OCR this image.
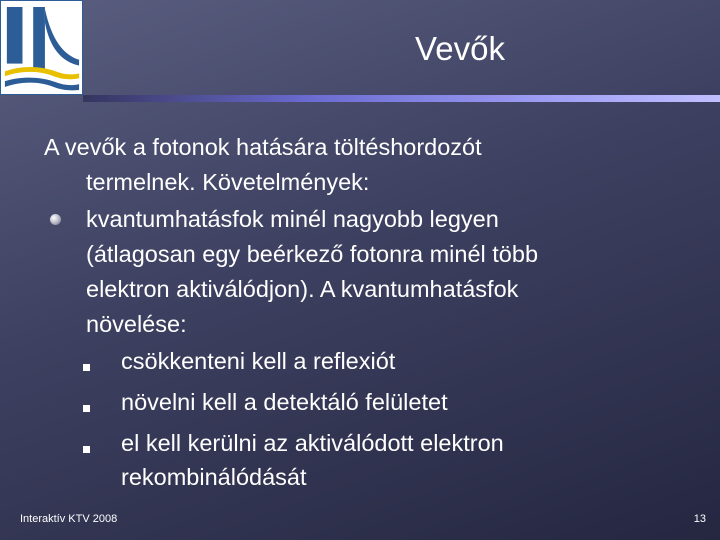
Vevők
A vevők a fotonok hatására töltéshordozót
termelnek. Követelmények:
kvantumhatásfok minél nagyobb legyen
(átlagosan egy beérkező fotonra minél több
elektron aktiválódjon). A kvantumhatásfok
növelése:
csökkenteni kell a reflexiót
növelni kell a detektáló felületet
el kell kerülni az aktiválódott elektron
rekombinálódását
Interaktív KTV 2008	13
